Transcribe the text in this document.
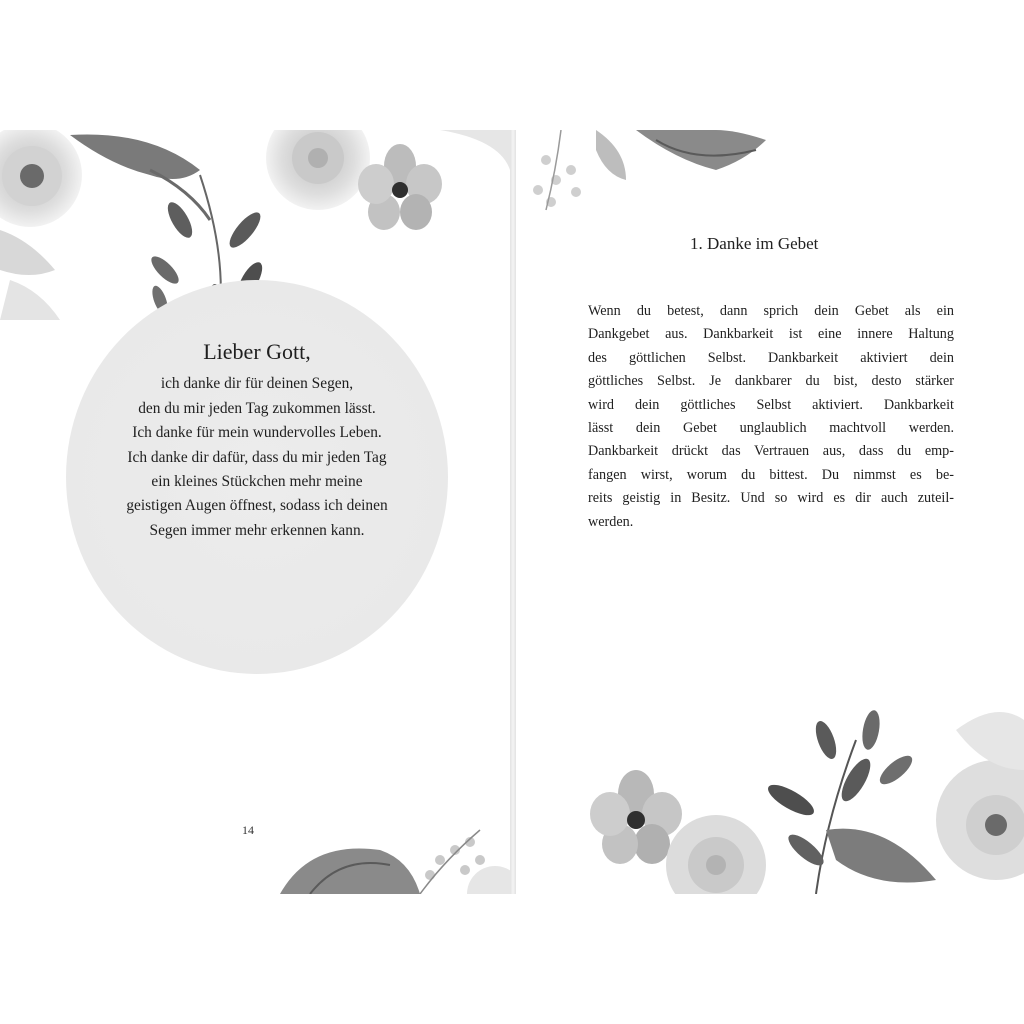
Lieber Gott,
ich danke dir für deinen Segen,
den du mir jeden Tag zukommen lässt.
Ich danke für mein wundervolles Leben.
Ich danke dir dafür, dass du mir jeden Tag
ein kleines Stückchen mehr meine
geistigen Augen öffnest, sodass ich deinen
Segen immer mehr erkennen kann.
14
1. Danke im Gebet
Wenn du betest, dann sprich dein Gebet als ein
Dankgebet aus. Dankbarkeit ist eine innere Haltung
des göttlichen Selbst. Dankbarkeit aktiviert dein
göttliches Selbst. Je dankbarer du bist, desto stärker
wird dein göttliches Selbst aktiviert. Dankbarkeit
lässt dein Gebet unglaublich machtvoll werden.
Dankbarkeit drückt das Vertrauen aus, dass du emp-
fangen wirst, worum du bittest. Du nimmst es be-
reits geistig in Besitz. Und so wird es dir auch zuteil-
werden.
